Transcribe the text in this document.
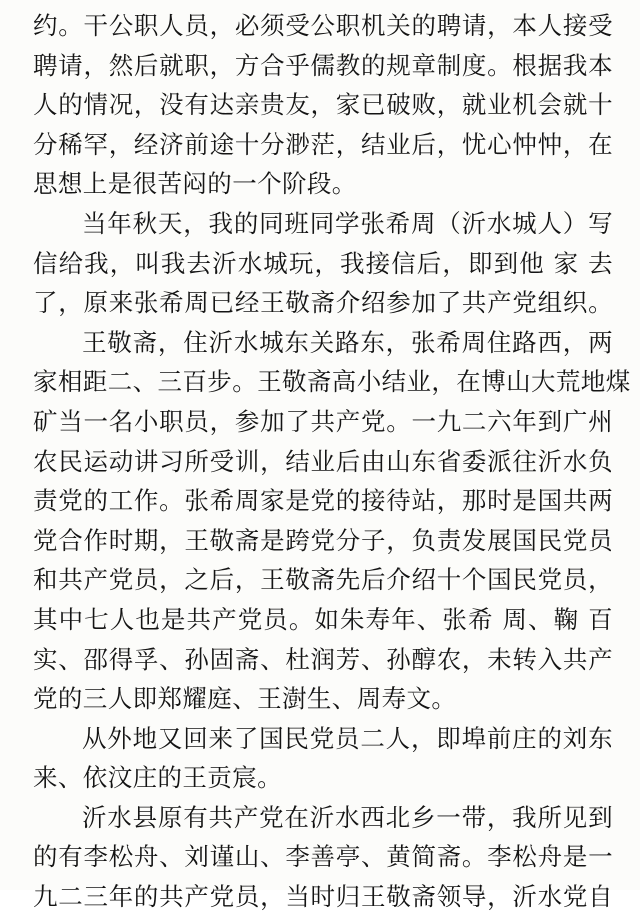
约。干公职人员，必须受公职机关的聘请，本人接受
聘请，然后就职，方合乎儒教的规章制度。根据我本
人的情况，没有达亲贵友，家已破败，就业机会就十
分稀罕，经济前途十分渺茫，结业后，忧心忡忡，在
思想上是很苦闷的一个阶段。
当年秋天，我的同班同学张希周（沂水城人）写
信给我，叫我去沂水城玩，我接信后，即到他 家 去
了，原来张希周已经王敬斋介绍参加了共产党组织。
王敬斋，住沂水城东关路东，张希周住路西，两
家相距二、三百步。王敬斋高小结业，在博山大荒地煤
矿当一名小职员，参加了共产党。一九二六年到广州
农民运动讲习所受训，结业后由山东省委派往沂水负
责党的工作。张希周家是党的接待站，那时是国共两
党合作时期，王敬斋是跨党分子，负责发展国民党员
和共产党员，之后，王敬斋先后介绍十个国民党员，
其中七人也是共产党员。如朱寿年、张希 周、鞠 百
实、邵得孚、孙固斋、杜润芳、孙醇农，未转入共产
党的三人即郑耀庭、王澍生、周寿文。
从外地又回来了国民党员二人，即埠前庄的刘东
来、依汶庄的王贡宸。
沂水县原有共产党在沂水西北乡一带，我所见到
的有李松舟、刘谨山、李善亭、黄简斋。李松舟是一
九二三年的共产党员，当时归王敬斋领导，沂水党自
